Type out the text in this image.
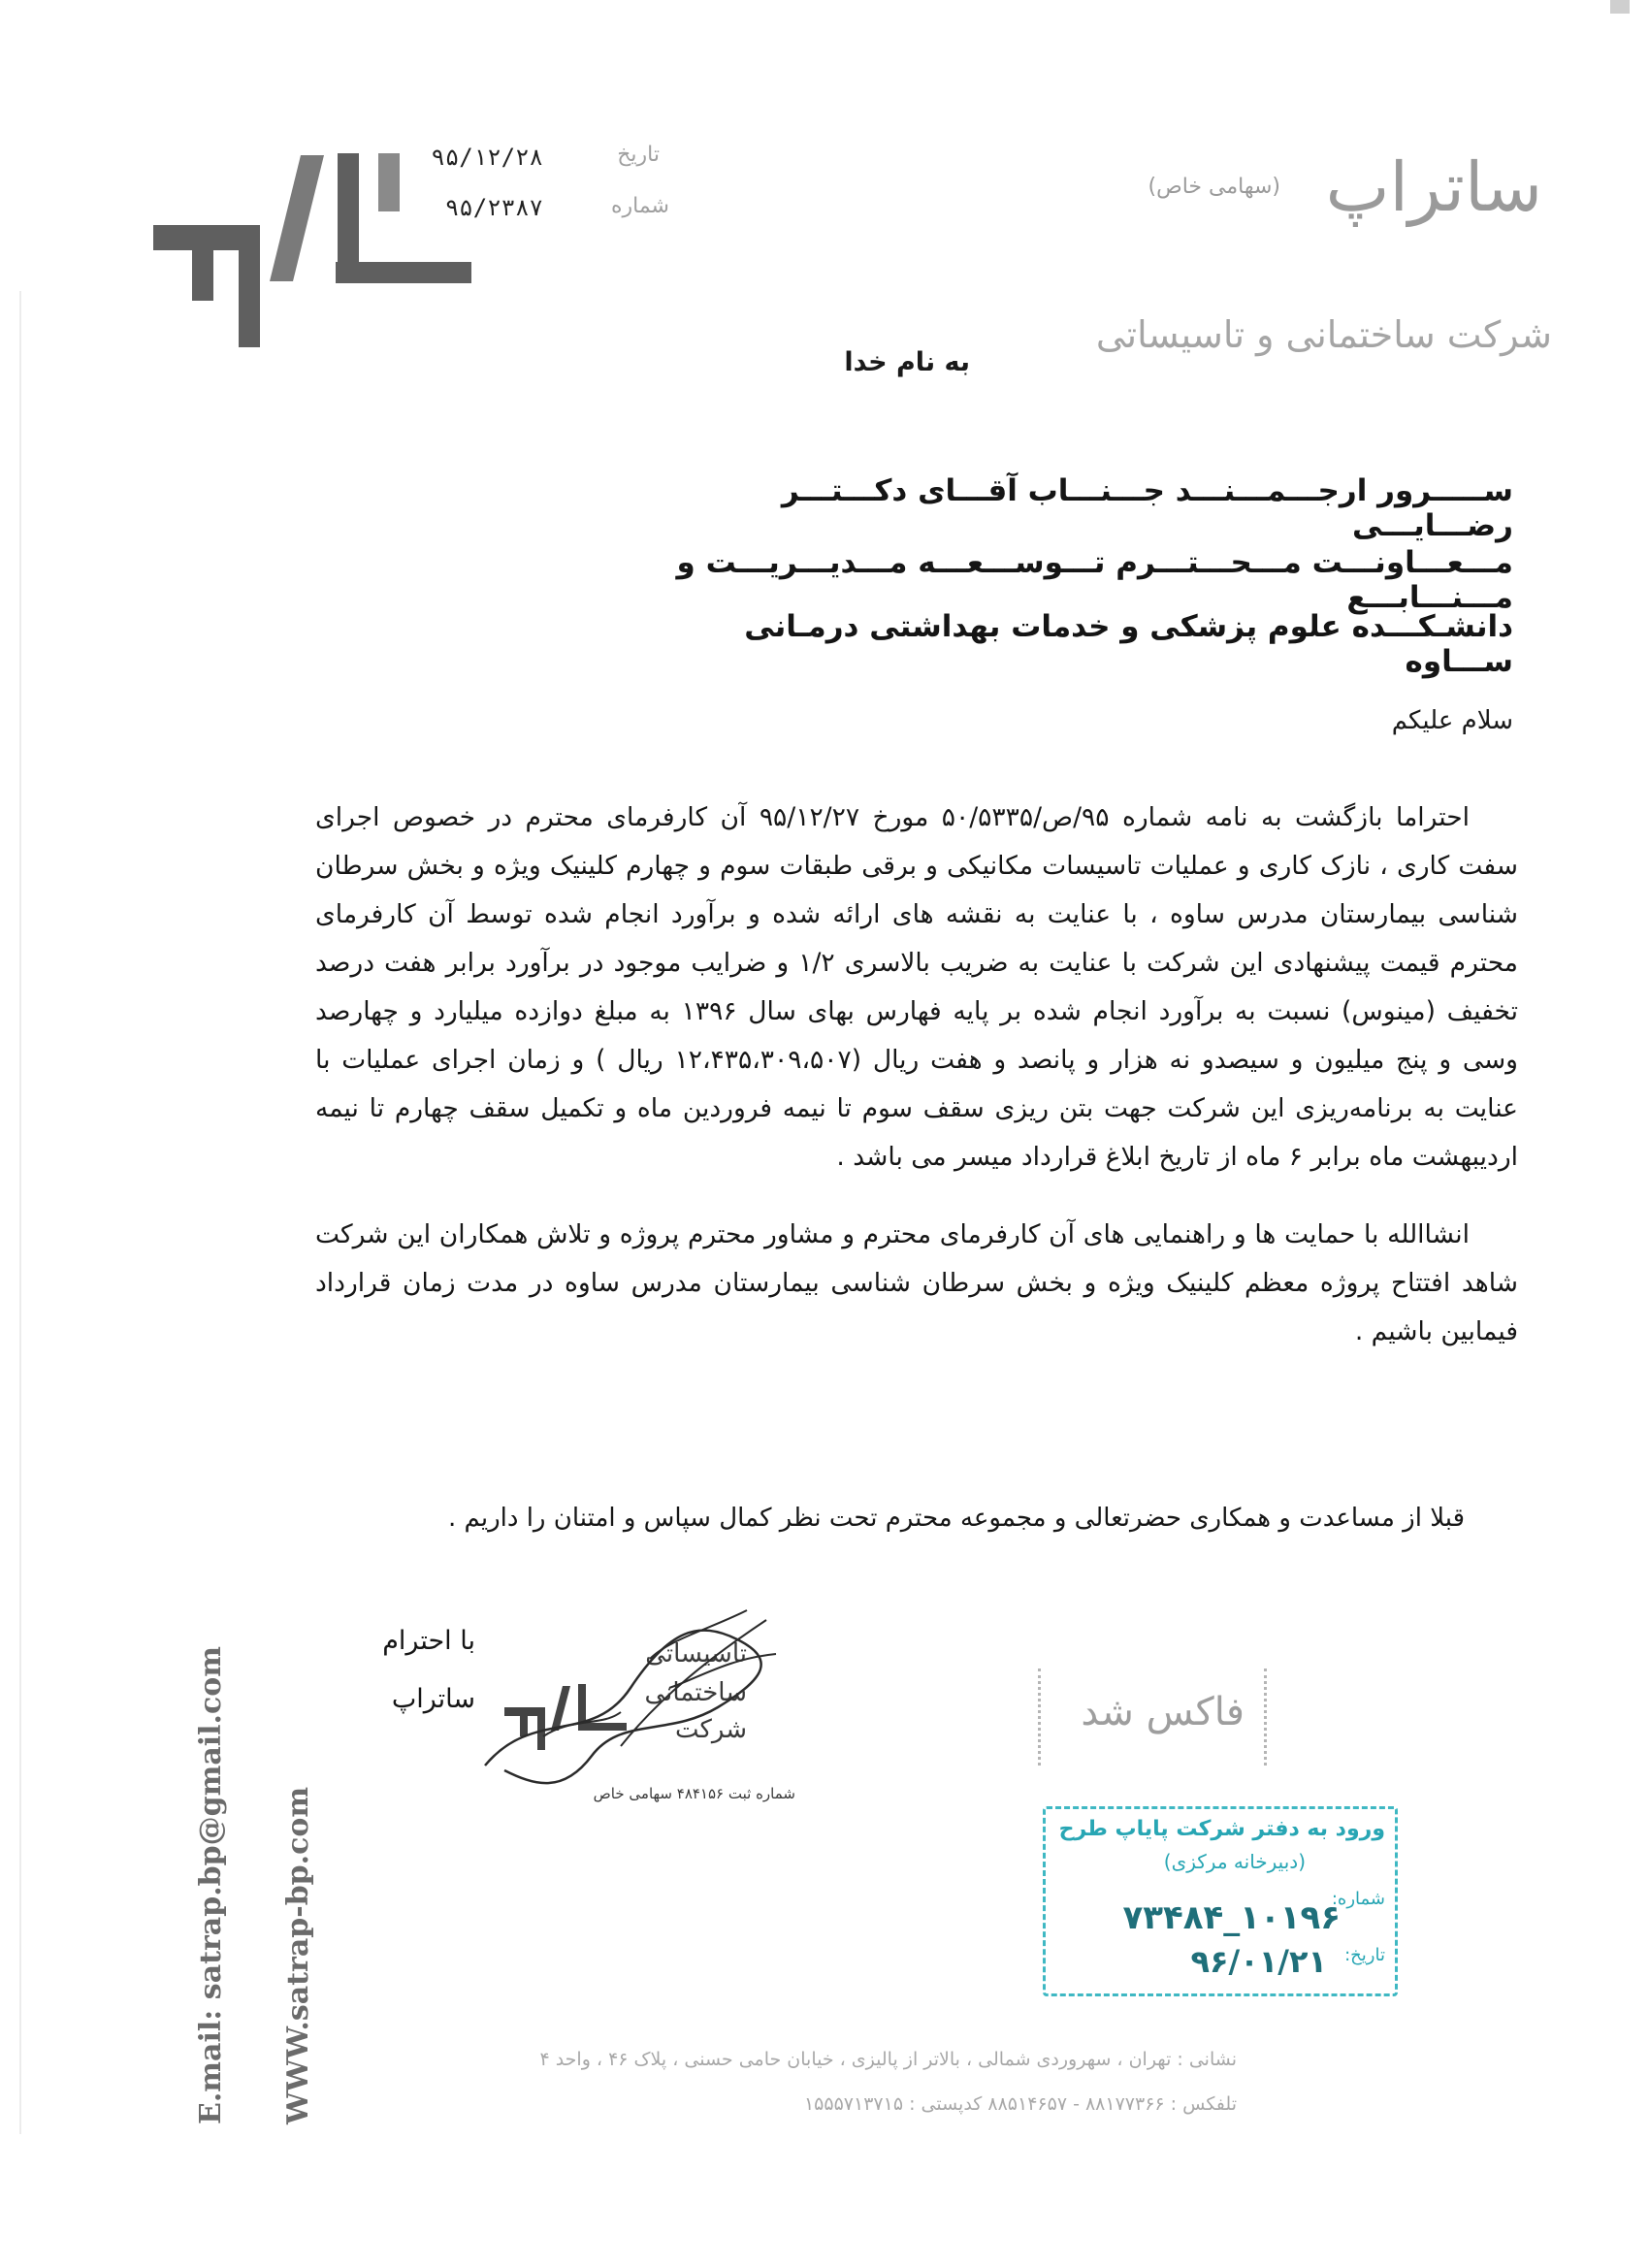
تاریخ
۹۵/۱۲/۲۸
شماره
۹۵/۲۳۸۷	ساتراپ
(سهامی خاص)
شرکت ساختمانی و تاسیساتی
به نام خدا
ســـــرور ارجـــمـــنـــد جـــنـــاب آقـــای دكـــتـــر رضـــايـــی
مـــعـــاونـــت مـــحـــتـــرم تـــوســـعـــه مـــديـــريـــت و مـــنـــابـــع
دانشـكـــده علوم پزشكی و خدمات بهداشتی درمـانی ســـاوه
سلام علیکم

احتراما بازگشت به نامه شماره ۹۵/ص/۵۰/۵۳۳۵ مورخ ۹۵/۱۲/۲۷ آن كارفرمای محترم در خصوص اجرای سفت كاری ، نازک كاری و عملیات تاسیسات مكانیكی و برقی طبقات سوم و چهارم كلینیک ویژه و بخش سرطان شناسی بیمارستان مدرس ساوه ، با عنایت به نقشه های ارائه شده و برآورد انجام شده توسط آن كارفرمای محترم قیمت پیشنهادی این شركت با عنایت به ضریب بالاسری ۱/۲ و ضرایب موجود در برآورد برابر هفت درصد تخفیف (مینوس) نسبت به برآورد انجام شده بر پایه فهارس بهای سال ۱۳۹۶ به مبلغ دوازده میلیارد و چهارصد وسی و پنج میلیون و سیصدو نه هزار و پانصد و هفت ریال (۱۲،۴۳۵،۳۰۹،۵۰۷ ریال ) و زمان اجرای عملیات با عنایت به برنامه‌ریزی این شركت جهت بتن ریزی سقف سوم تا نیمه فروردین ماه و تكمیل سقف چهارم تا نیمه اردیبهشت ماه برابر ۶ ماه از تاریخ ابلاغ قرارداد میسر می باشد .

انشاالله با حمایت ها و راهنمایی های آن كارفرمای محترم و مشاور محترم پروژه و تلاش همكاران این شركت شاهد افتتاح پروژه معظم كلینیک ویژه و بخش سرطان شناسی بیمارستان مدرس ساوه در مدت زمان قرارداد فیمابین باشیم .

قبلا از مساعدت و همكاری حضرتعالی و مجموعه محترم تحت نظر كمال سپاس و امتنان را داریم .
با احترام
ساتراپ
تاسیساتی
ساختمانی
شرکت
شماره ثبت ۴۸۴۱۵۶ سهامی خاص
فاکس شد
ورود به دفتر شرکت پایاپ طرح
(دبیرخانه مرکزی)
شماره:
۱۰۱۹۶_۷۳۴۸۴
تاریخ:
۹۶/۰۱/۲۱
E.mail: satrap.bp@gmail.com WWW.satrap-bp.com	نشانی : تهران ، سهروردی شمالی ، بالاتر از پالیزی ، خیابان حامی حسنی ، پلاک ۴۶ ، واحد ۴
تلفکس : ۸۸۱۷۷۳۶۶ - ۸۸۵۱۴۶۵۷ کدپستی : ۱۵۵۵۷۱۳۷۱۵
